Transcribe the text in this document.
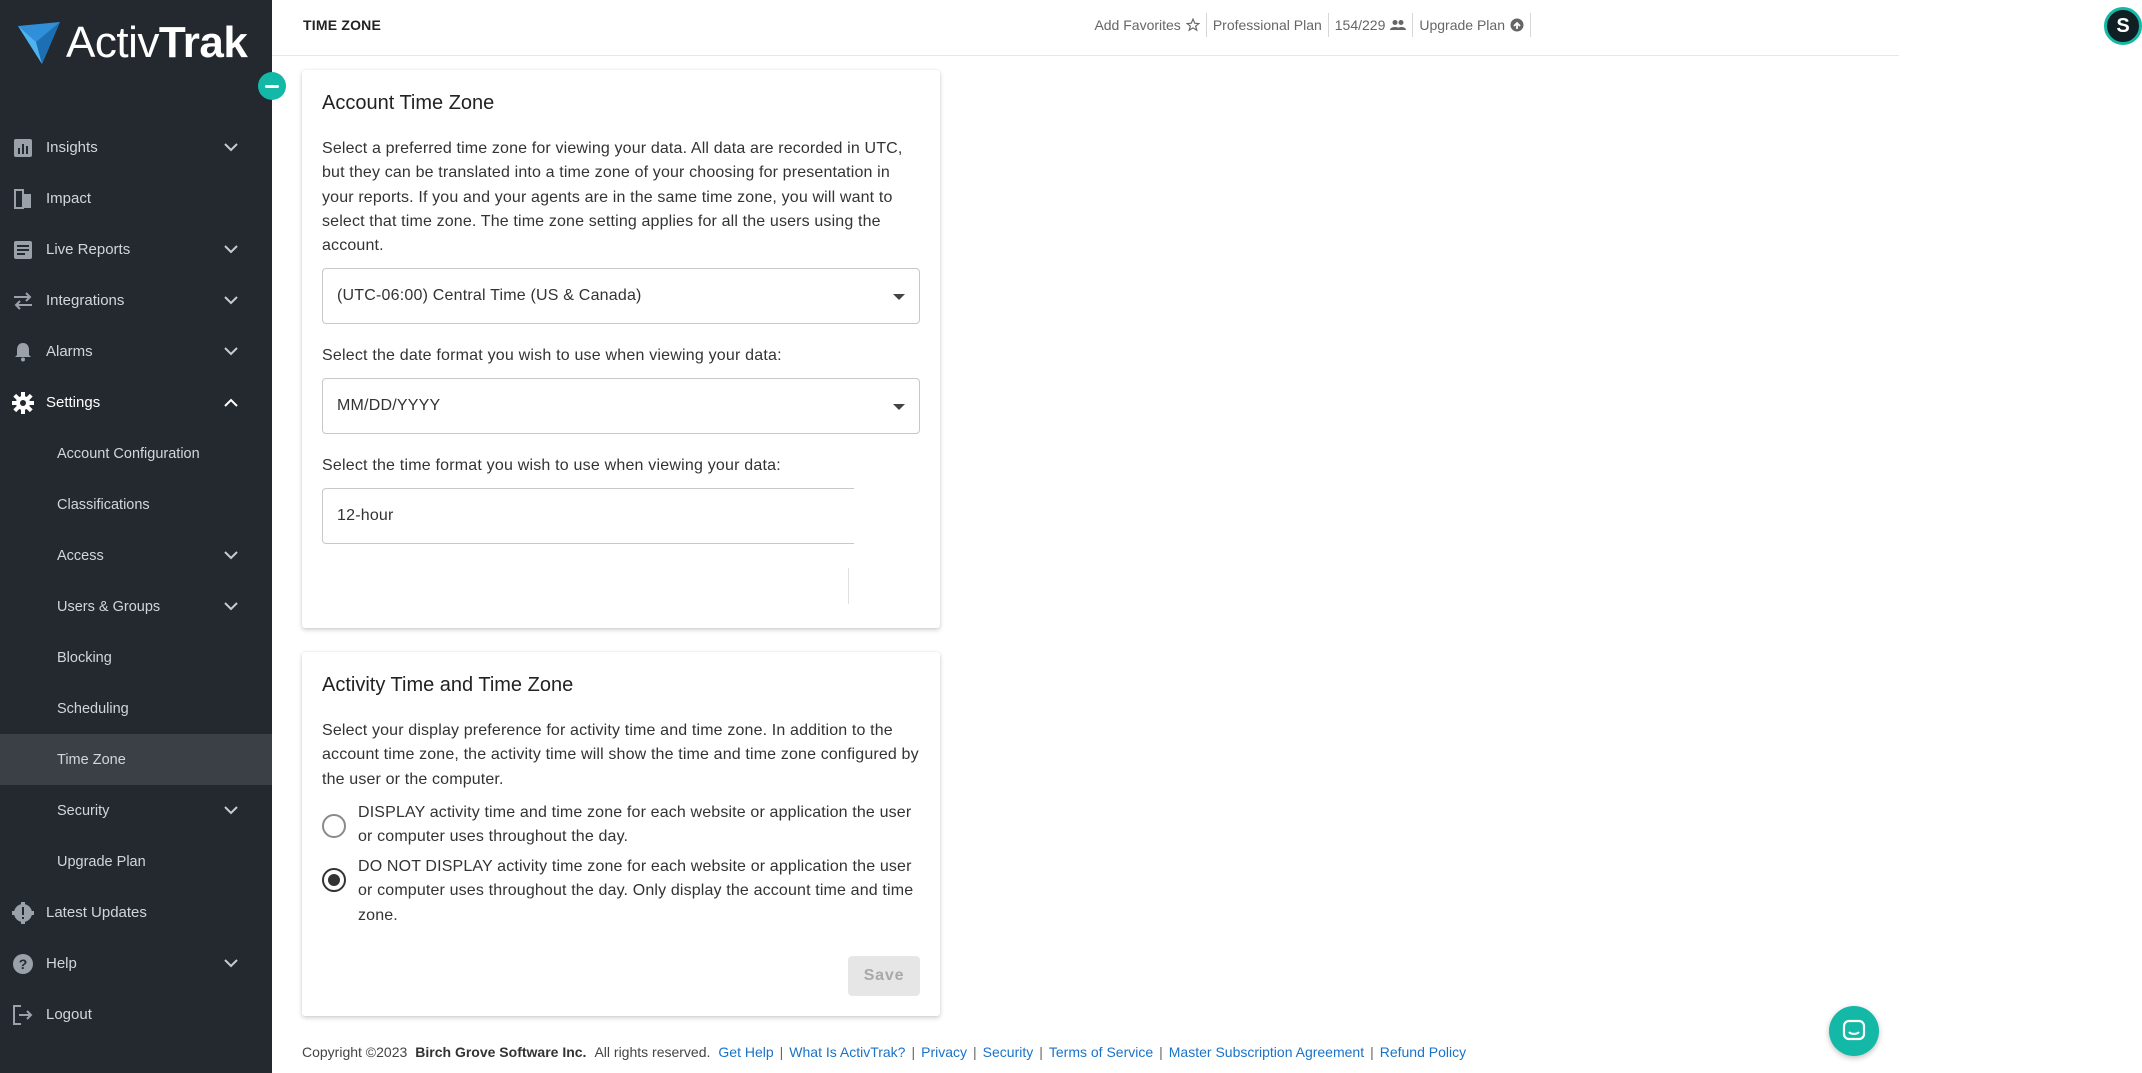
ActivTrak
Insights
Impact
Live Reports
Integrations
Alarms
Settings
Account Configuration
Classifications
Access
Users & Groups
Blocking
Scheduling
Time Zone
Security
Upgrade Plan
Latest Updates
? Help
Logout
TIME ZONE	Add Favorites Professional Plan 154/229 Upgrade Plan	S
Account Time Zone
Select a preferred time zone for viewing your data. All data are recorded in UTC, but they can be translated into a time zone of your choosing for presentation in your reports. If you and your agents are in the same time zone, you will want to select that time zone. The time zone setting applies for all the users using the account.
(UTC-06:00) Central Time (US & Canada)
Select the date format you wish to use when viewing your data:
MM/DD/YYYY
Select the time format you wish to use when viewing your data:
12-hour
Activity Time and Time Zone
Select your display preference for activity time and time zone. In addition to the account time zone, the activity time will show the time and time zone configured by the user or the computer.
DISPLAY activity time and time zone for each website or application the user or computer uses throughout the day.
DO NOT DISPLAY activity time zone for each website or application the user or computer uses throughout the day. Only display the account time and time zone.
Save
Copyright ©2023 Birch Grove Software Inc. All rights reserved. Get Help | What Is ActivTrak? | Privacy | Security | Terms of Service | Master Subscription Agreement | Refund Policy
